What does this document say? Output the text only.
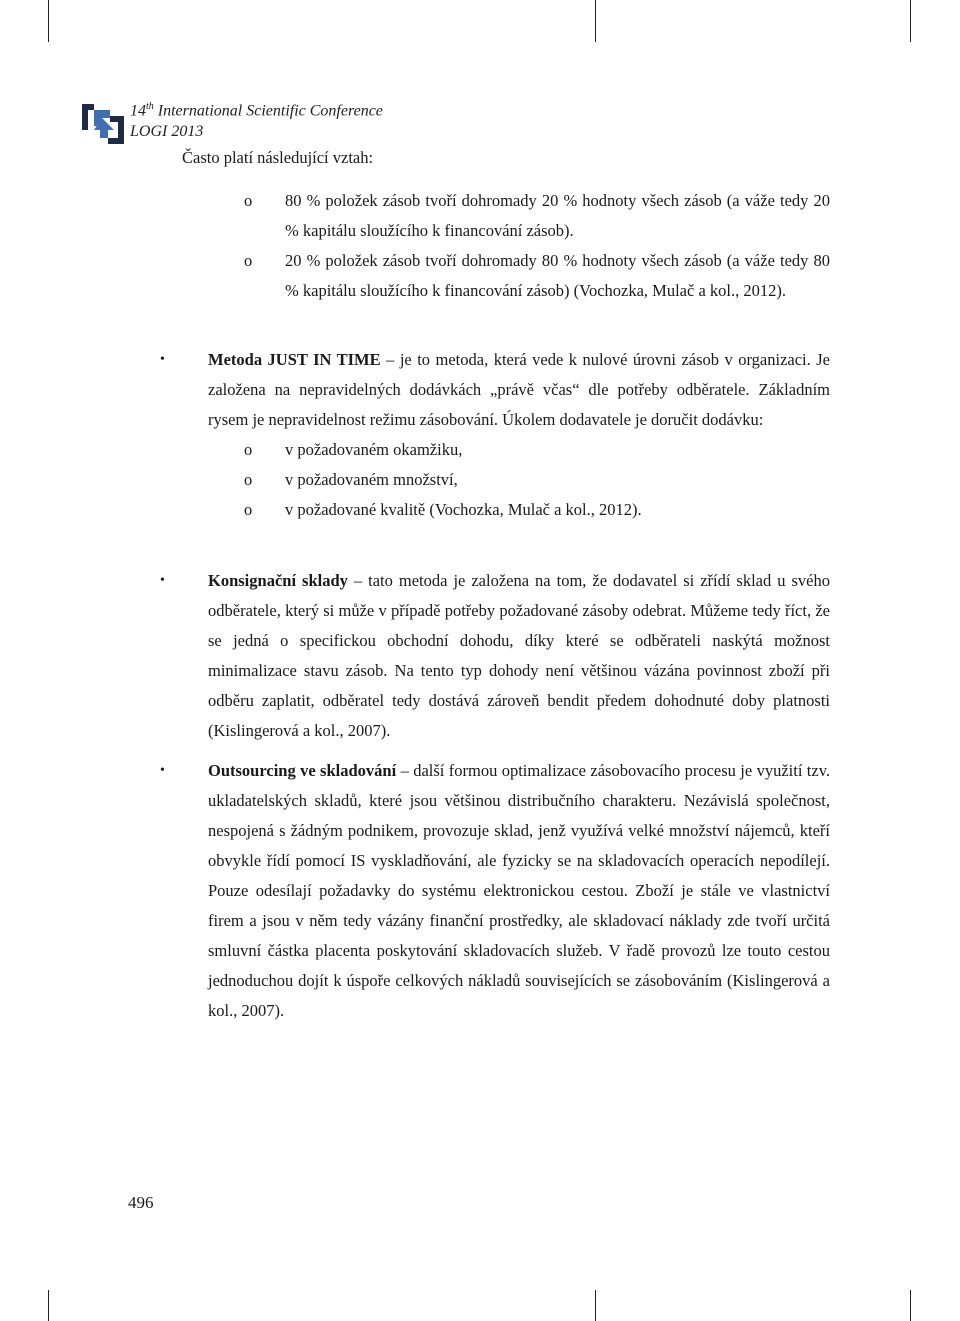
14th International Scientific Conference
LOGI 2013
Často platí následující vztah:

o 80 % položek zásob tvoří dohromady 20 % hodnoty všech zásob (a váže tedy 20 % kapitálu sloužícího k financování zásob).

o 20 % položek zásob tvoří dohromady 80 % hodnoty všech zásob (a váže tedy 80 % kapitálu sloužícího k financování zásob) (Vochozka, Mulač a kol., 2012).

•	Metoda JUST IN TIME – je to metoda, která vede k nulové úrovni zásob v organizaci. Je založena na nepravidelných dodávkách „právě včas“ dle potřeby odběratele. Základním rysem je nepravidelnost režimu zásobování. Úkolem dodavatele je doručit dodávku:

o v požadovaném okamžiku,

o v požadovaném množství,

o v požadované kvalitě (Vochozka, Mulač a kol., 2012).

•	Konsignační sklady – tato metoda je založena na tom, že dodavatel si zřídí sklad u svého odběratele, který si může v případě potřeby požadované zásoby odebrat. Můžeme tedy říct, že se jedná o specifickou obchodní dohodu, díky které se odběrateli naskýtá možnost minimalizace stavu zásob. Na tento typ dohody není většinou vázána povinnost zboží při odběru zaplatit, odběratel tedy dostává zároveň bendit předem dohodnuté doby platnosti (Kislingerová a kol., 2007).
•	Outsourcing ve skladování – další formou optimalizace zásobovacího procesu je využití tzv. ukladatelských skladů, které jsou většinou distribučního charakteru. Nezávislá společnost, nespojená s žádným podnikem, provozuje sklad, jenž využívá velké množství nájemců, kteří obvykle řídí pomocí IS vyskladňování, ale fyzicky se na skladovacích operacích nepodílejí. Pouze odesílají požadavky do systému elektronickou cestou. Zboží je stále ve vlastnictví firem a jsou v něm tedy vázány finanční prostředky, ale skladovací náklady zde tvoří určitá smluvní částka placenta poskytování skladovacích služeb. V řadě provozů lze touto cestou jednoduchou dojít k úspoře celkových nákladů souvisejících se zásobováním (Kislingerová a kol., 2007).
496
